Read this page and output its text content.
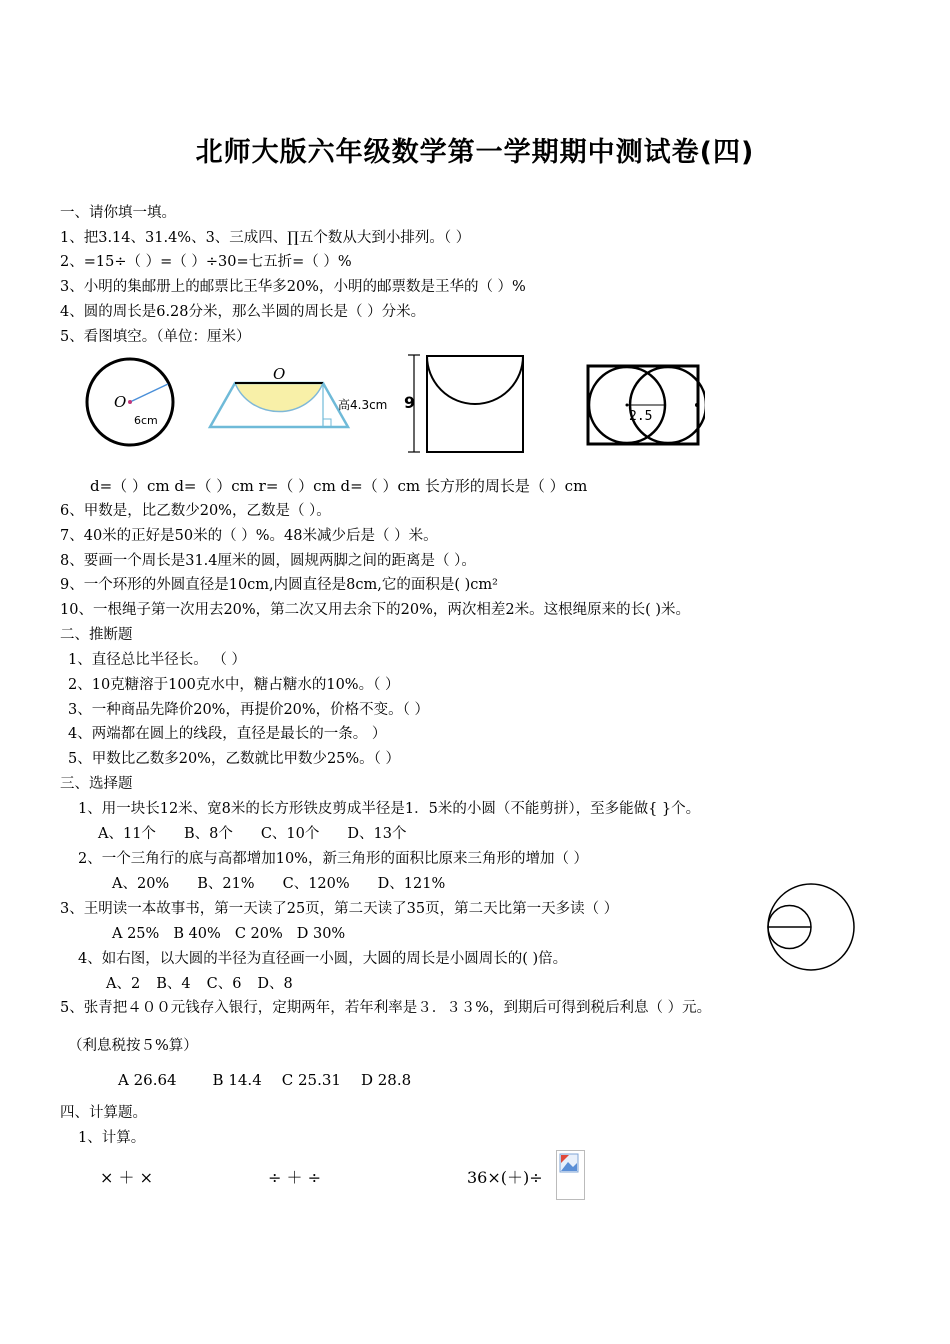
北师大版六年级数学第一学期期中测试卷(四)
一、请你填一填。
1、把3.14、31.4%、3、三成四、∏五个数从大到小排列。（ ）
2、=15÷（ ）=（ ）÷30=七五折=（ ）%
3、小明的集邮册上的邮票比王华多20%，小明的邮票数是王华的（ ）%
4、圆的周长是6.28分米，那么半圆的周长是（ ）分米。
5、看图填空。（单位：厘米）
O
6cm
O
高4.3cm 9
2.5
d=（ ）cm d=（ ）cm r=（ ）cm d=（ ）cm 长方形的周长是（ ）cm
6、甲数是，比乙数少20%，乙数是（ ）。
7、40米的正好是50米的（ ）%。48米减少后是（ ）米。
8、要画一个周长是31.4厘米的圆，圆规两脚之间的距离是（ ）。
9、一个环形的外圆直径是10cm,内圆直径是8cm,它的面积是( )cm²
10、一根绳子第一次用去20%，第二次又用去余下的20%，两次相差2米。这根绳原来的长( )米。
二、推断题
1、直径总比半径长。 （ ）
2、10克糖溶于100克水中，糖占糖水的10%。（ ）
3、一种商品先降价20%，再提价20%，价格不变。（ ）
4、两端都在圆上的线段，直径是最长的一条。 ）
5、甲数比乙数多20%，乙数就比甲数少25%。（ ）
三、选择题
1、用一块长12米、宽8米的长方形铁皮剪成半径是1．5米的小圆（不能剪拼），至多能做{ }个。
A、11个 B、8个 C、10个 D、13个
2、一个三角行的底与高都增加10%，新三角形的面积比原来三角形的增加（ ）
A、20% B、21% C、120% D、121%
3、王明读一本故事书，第一天读了25页，第二天读了35页，第二天比第一天多读（ ）
A 25% B 40% C 20% D 30%
4、如右图，以大圆的半径为直径画一小圆，大圆的周长是小圆周长的( )倍。
A、2 B、4 C、6 D、8
5、张青把４００元钱存入银行，定期两年，若年利率是３．３３%，到期后可得到税后利息（ ）元。
（利息税按５%算）
A 26.64 B 14.4 C 25.31 D 28.8
四、计算题。
1、计算。
× ＋ ×	÷ ＋ ÷	36×(＋)÷
